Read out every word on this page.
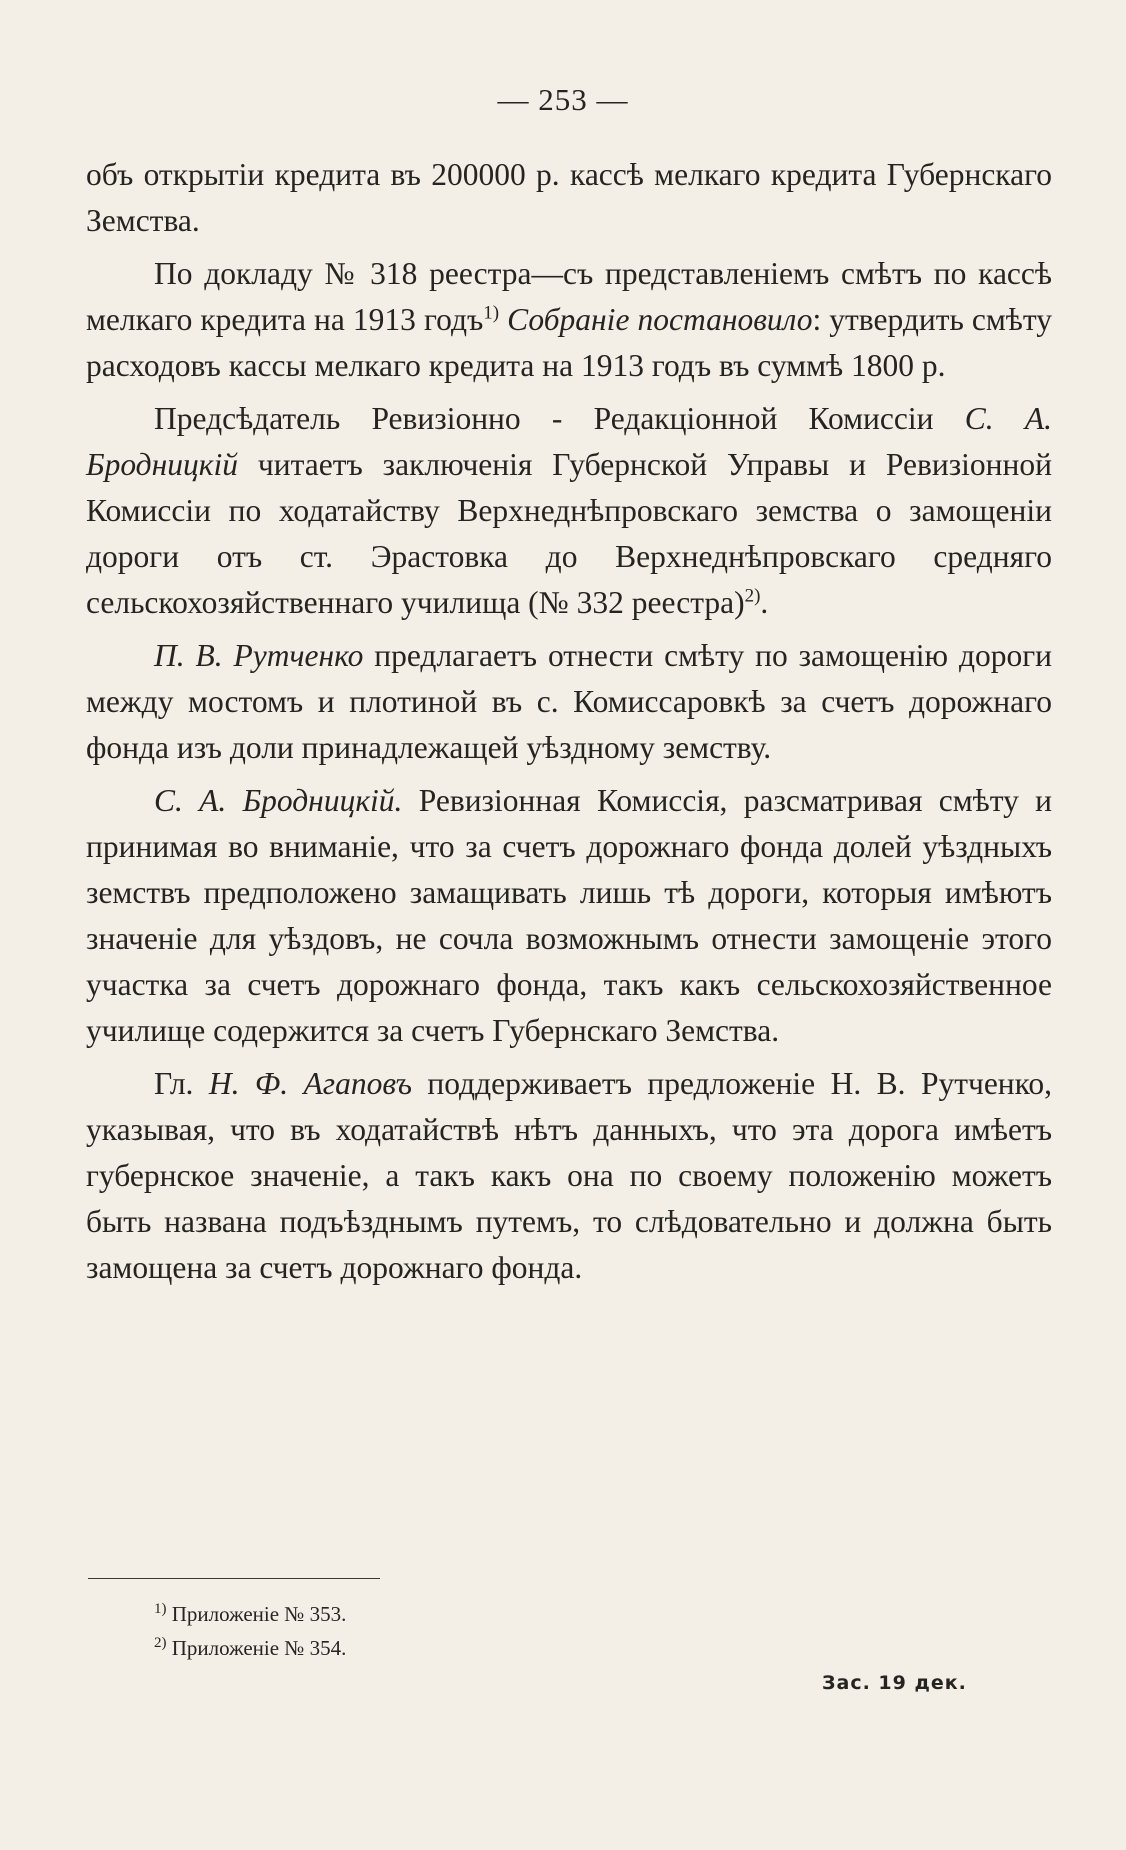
— 253 —

объ открытіи кредита въ 200000 р. кассѣ мелкаго кредита Губернскаго Земства.

По докладу № 318 реестра—съ представленіемъ смѣтъ по кассѣ мелкаго кредита на 1913 годъ$^{1)}$ Собраніе постановило: утвердить смѣту расходовъ кассы мелкаго кредита на 1913 годъ въ суммѣ 1800 р.

Предсѣдатель Ревизіонно - Редакціонной Комиссіи С. А. Бродницкій читаетъ заключенія Губернской Управы и Ревизіонной Комиссіи по ходатайству Верхнеднѣпровскаго земства о замощеніи дороги отъ ст. Эрастовка до Верхнеднѣпровскаго средняго сельскохозяйственнаго училища (№ 332 реестра)$^{2)}$.

П. В. Рутченко предлагаетъ отнести смѣту по замощенію дороги между мостомъ и плотиной въ с. Комиссаровкѣ за счетъ дорожнаго фонда изъ доли принадлежащей уѣздному земству.

С. А. Бродницкій. Ревизіонная Комиссія, разсматривая смѣту и принимая во вниманіе, что за счетъ дорожнаго фонда долей уѣздныхъ земствъ предположено замащивать лишь тѣ дороги, которыя имѣютъ значеніе для уѣздовъ, не сочла возможнымъ отнести замощеніе этого участка за счетъ дорожнаго фонда, такъ какъ сельскохозяйственное училище содержится за счетъ Губернскаго Земства.

Гл. Н. Ф. Агаповъ поддерживаетъ предложеніе Н. В. Рутченко, указывая, что въ ходатайствѣ нѣтъ данныхъ, что эта дорога имѣетъ губернское значеніе, а такъ какъ она по своему положенію можетъ быть названа подъѣзднымъ путемъ, то слѣдовательно и должна быть замощена за счетъ дорожнаго фонда.

$^{1)}$ Приложеніе № 353.
$^{2)}$ Приложеніе № 354.
Зас. 19 дек.
